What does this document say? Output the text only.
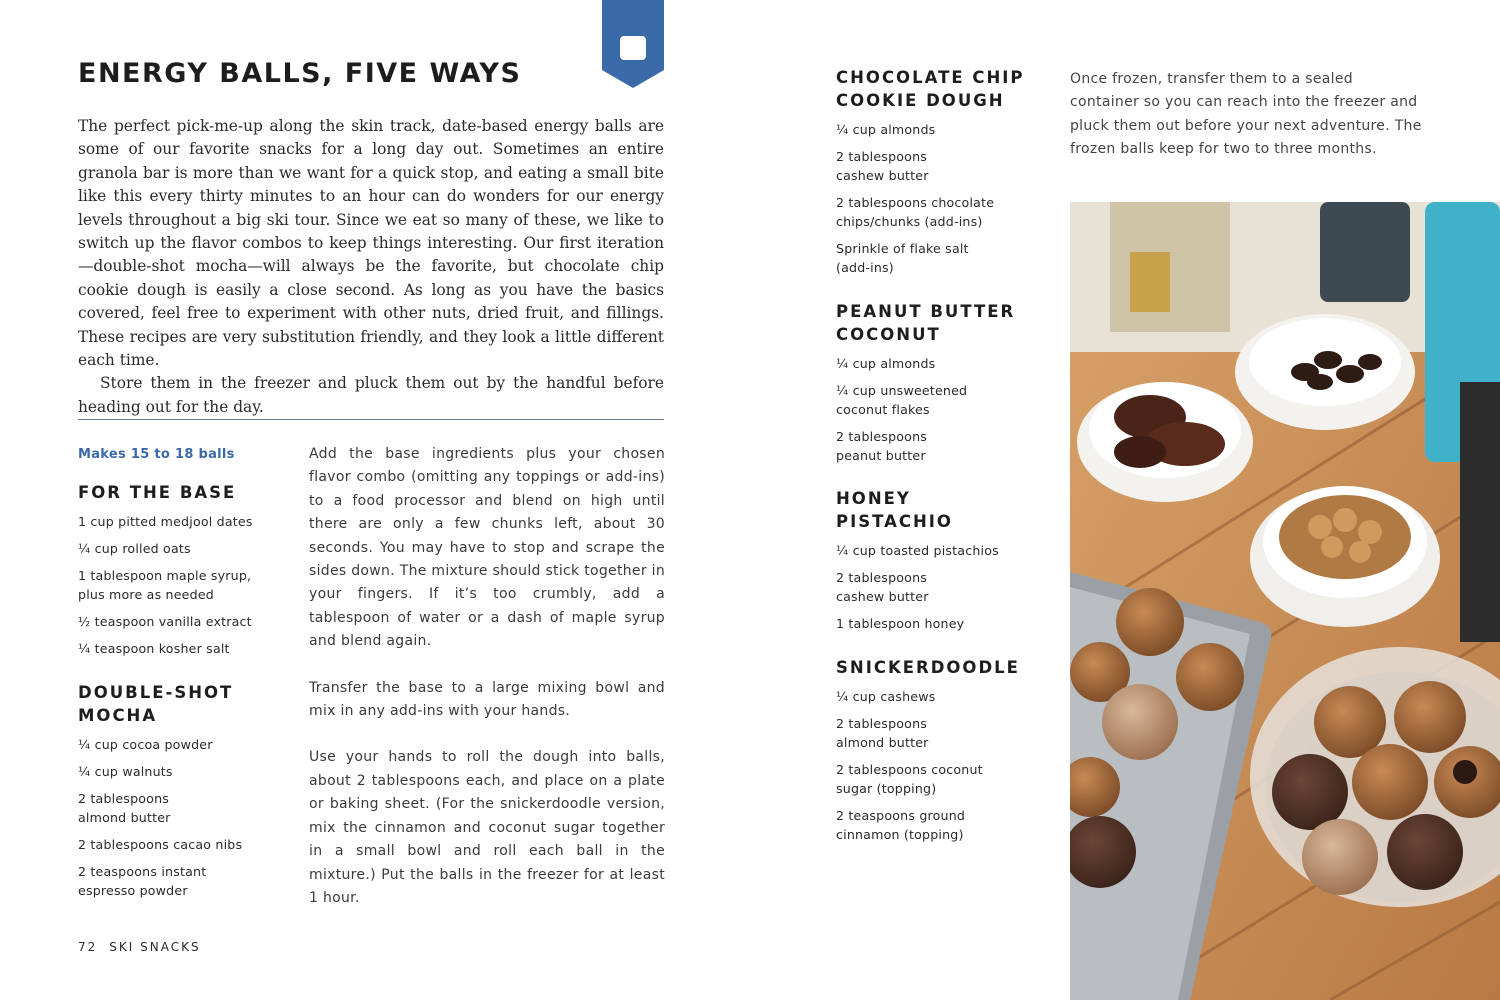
ENERGY BALLS, FIVE WAYS

The perfect pick-me-up along the skin track, date-based energy balls are some of our favorite snacks for a long day out. Sometimes an entire granola bar is more than we want for a quick stop, and eating a small bite like this every thirty minutes to an hour can do wonders for our energy levels throughout a big ski tour. Since we eat so many of these, we like to switch up the flavor combos to keep things interesting. Our first iteration—double-shot mocha—will always be the favorite, but chocolate chip cookie dough is easily a close second. As long as you have the basics covered, feel free to experiment with other nuts, dried fruit, and fillings. These recipes are very substitution friendly, and they look a little different each time.

Store them in the freezer and pluck them out by the handful before heading out for the day.

Makes 15 to 18 balls
FOR THE BASE
1 cup pitted medjool dates
¼ cup rolled oats
1 tablespoon maple syrup,
plus more as needed
½ teaspoon vanilla extract
¼ teaspoon kosher salt
DOUBLE-SHOT
MOCHA
¼ cup cocoa powder
¼ cup walnuts
2 tablespoons
almond butter
2 tablespoons cacao nibs
2 teaspoons instant
espresso powder

Add the base ingredients plus your chosen flavor combo (omitting any toppings or add-ins) to a food processor and blend on high until there are only a few chunks left, about 30 seconds. You may have to stop and scrape the sides down. The mixture should stick together in your fingers. If it’s too crumbly, add a tablespoon of water or a dash of maple syrup and blend again.

Transfer the base to a large mixing bowl and mix in any add-ins with your hands.

Use your hands to roll the dough into balls, about 2 tablespoons each, and place on a plate or baking sheet. (For the snickerdoodle version, mix the cinnamon and coconut sugar together in a small bowl and roll each ball in the mixture.) Put the balls in the freezer for at least 1 hour.

72 SKI SNACKS
CHOCOLATE CHIP
COOKIE DOUGH
¼ cup almonds
2 tablespoons
cashew butter
2 tablespoons chocolate
chips/chunks (add-ins)
Sprinkle of flake salt
(add-ins)
PEANUT BUTTER
COCONUT
¼ cup almonds
¼ cup unsweetened
coconut flakes
2 tablespoons
peanut butter
HONEY
PISTACHIO
¼ cup toasted pistachios
2 tablespoons
cashew butter
1 tablespoon honey
SNICKERDOODLE
¼ cup cashews
2 tablespoons
almond butter
2 tablespoons coconut
sugar (topping)
2 teaspoons ground
cinnamon (topping)

Once frozen, transfer them to a sealed container so you can reach into the freezer and pluck them out before your next adventure. The frozen balls keep for two to three months.
